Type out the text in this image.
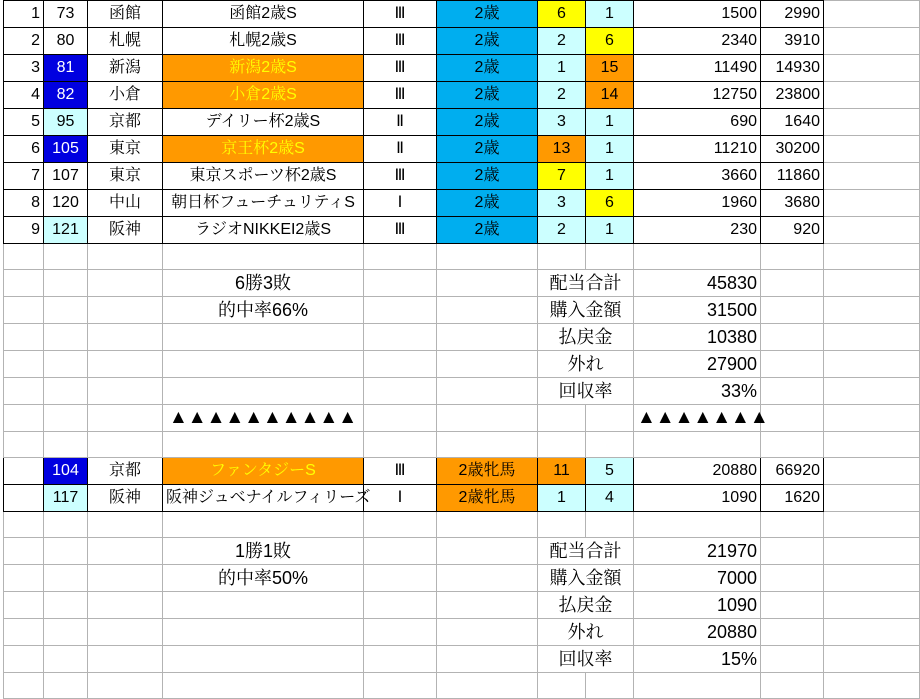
1	73	函館	函館2歳S	Ⅲ	2歳	6	1	1500	2990	
2	80	札幌	札幌2歳S	Ⅲ	2歳	2	6	2340	3910	
3	81	新潟	新潟2歳S	Ⅲ	2歳	1	15	11490	14930	
4	82	小倉	小倉2歳S	Ⅲ	2歳	2	14	12750	23800	
5	95	京都	デイリー杯2歳S	Ⅱ	2歳	3	1	690	1640	
6	105	東京	京王杯2歳S	Ⅱ	2歳	13	1	11210	30200	
7	107	東京	東京スポーツ杯2歳S	Ⅲ	2歳	7	1	3660	11860	
8	120	中山	朝日杯フューチュリティS	Ⅰ	2歳	3	6	1960	3680	
9	121	阪神	ラジオNIKKEI2歳S	Ⅲ	2歳	2	1	230	920	

			6勝3敗			配当合計		45830		
			的中率66%			購入金額		31500		
						払戻金		10380		
						外れ		27900		
						回収率		33%		
			▲▲▲▲▲▲▲▲▲▲					▲▲▲▲▲▲▲		

	104	京都	ファンタジーS	Ⅲ	2歳牝馬	11	5	20880	66920	
	117	阪神	阪神ジュベナイルフィリーズ	Ⅰ	2歳牝馬	1	4	1090	1620	

			1勝1敗			配当合計		21970		
			的中率50%			購入金額		7000		
						払戻金		1090		
						外れ		20880		
						回収率		15%		
